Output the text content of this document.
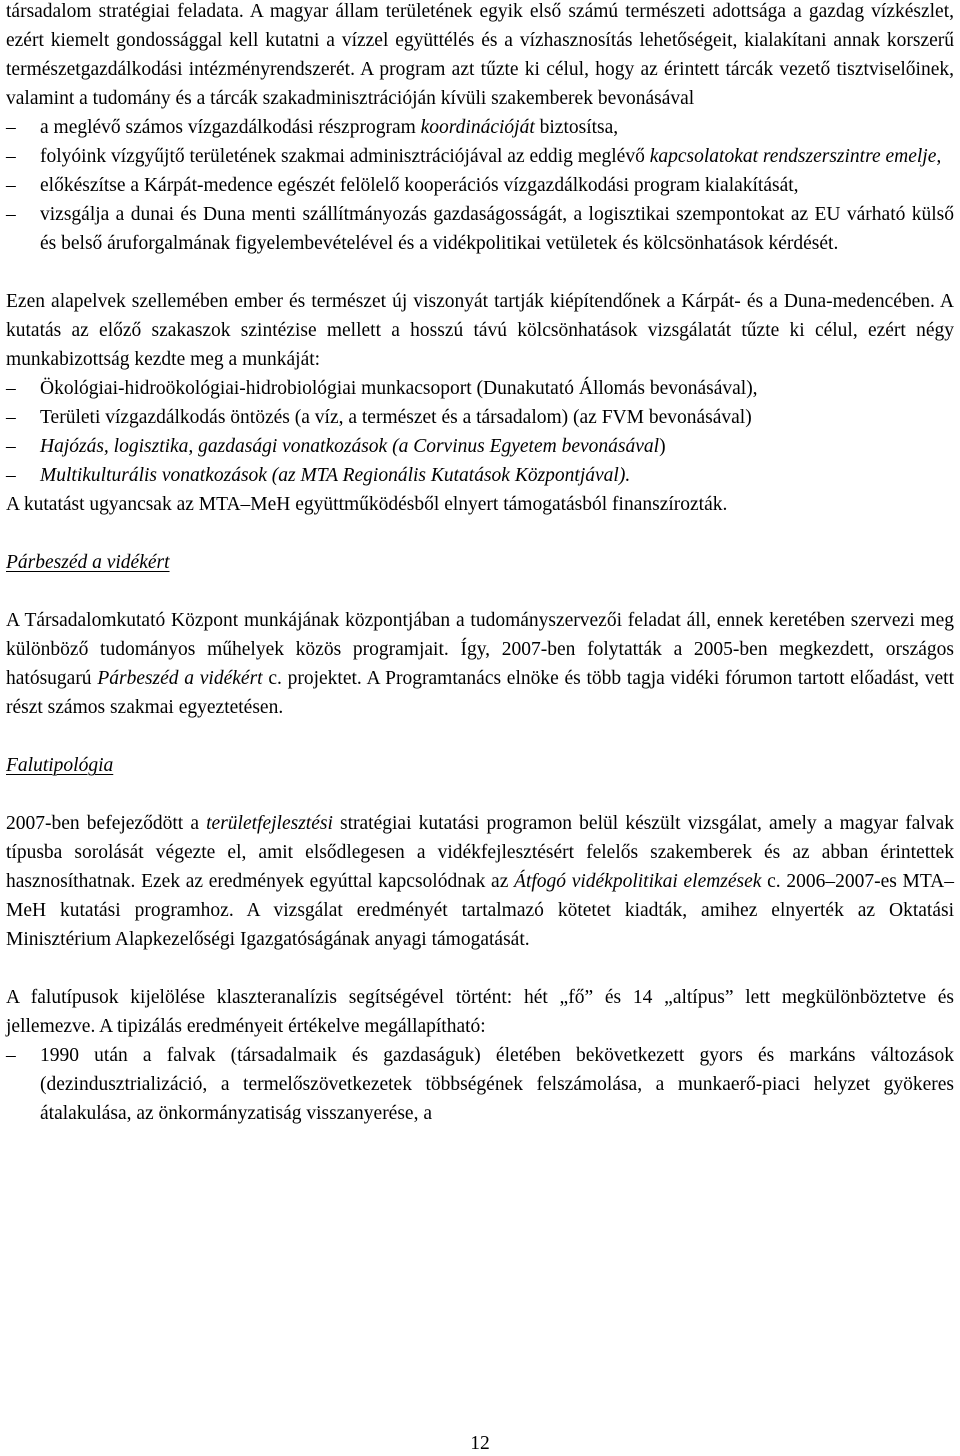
társadalom stratégiai feladata. A magyar állam területének egyik első számú természeti adottsága a gazdag vízkészlet, ezért kiemelt gondossággal kell kutatni a vízzel együttélés és a vízhasznosítás lehetőségeit, kialakítani annak korszerű természetgazdálkodási intézményrendszerét. A program azt tűzte ki célul, hogy az érintett tárcák vezető tisztviselőinek, valamint a tudomány és a tárcák szakadminisztrációján kívüli szakemberek bevonásával

– a meglévő számos vízgazdálkodási részprogram koordinációját biztosítsa,
– folyóink vízgyűjtő területének szakmai adminisztrációjával az eddig meglévő kapcsolatokat rendszerszintre emelje,
– előkészítse a Kárpát-medence egészét felölelő kooperációs vízgazdálkodási program kialakítását,
– vizsgálja a dunai és Duna menti szállítmányozás gazdaságosságát, a logisztikai szempontokat az EU várható külső és belső áruforgalmának figyelembevételével és a vidékpolitikai vetületek és kölcsönhatások kérdését.

Ezen alapelvek szellemében ember és természet új viszonyát tartják kiépítendőnek a Kárpát- és a Duna-medencében. A kutatás az előző szakaszok szintézise mellett a hosszú távú kölcsönhatások vizsgálatát tűzte ki célul, ezért négy munkabizottság kezdte meg a munkáját:

– Ökológiai-hidroökológiai-hidrobiológiai munkacsoport (Dunakutató Állomás bevonásával),
– Területi vízgazdálkodás öntözés (a víz, a természet és a társadalom) (az FVM bevonásával)
– Hajózás, logisztika, gazdasági vonatkozások (a Corvinus Egyetem bevonásával)
– Multikulturális vonatkozások (az MTA Regionális Kutatások Központjával).

A kutatást ugyancsak az MTA–MeH együttműködésből elnyert támogatásból finanszírozták.

Párbeszéd a vidékért

A Társadalomkutató Központ munkájának központjában a tudományszervezői feladat áll, ennek keretében szervezi meg különböző tudományos műhelyek közös programjait. Így, 2007-ben folytatták a 2005-ben megkezdett, országos hatósugarú Párbeszéd a vidékért c. projektet. A Programtanács elnöke és több tagja vidéki fórumon tartott előadást, vett részt számos szakmai egyeztetésen.

Falutipológia

2007-ben befejeződött a területfejlesztési stratégiai kutatási programon belül készült vizsgálat, amely a magyar falvak típusba sorolását végezte el, amit elsődlegesen a vidékfejlesztésért felelős szakemberek és az abban érintettek hasznosíthatnak. Ezek az eredmények egyúttal kapcsolódnak az Átfogó vidékpolitikai elemzések c. 2006–2007-es MTA–MeH kutatási programhoz. A vizsgálat eredményét tartalmazó kötetet kiadták, amihez elnyerték az Oktatási Minisztérium Alapkezelőségi Igazgatóságának anyagi támogatását.

A falutípusok kijelölése klaszteranalízis segítségével történt: hét „fő” és 14 „altípus” lett megkülönböztetve és jellemezve. A tipizálás eredményeit értékelve megállapítható:

– 1990 után a falvak (társadalmaik és gazdaságuk) életében bekövetkezett gyors és markáns változások (dezindusztrializáció, a termelőszövetkezetek többségének felszámolása, a munkaerő-piaci helyzet gyökeres átalakulása, az önkormányzatiság visszanyerése, a
12
